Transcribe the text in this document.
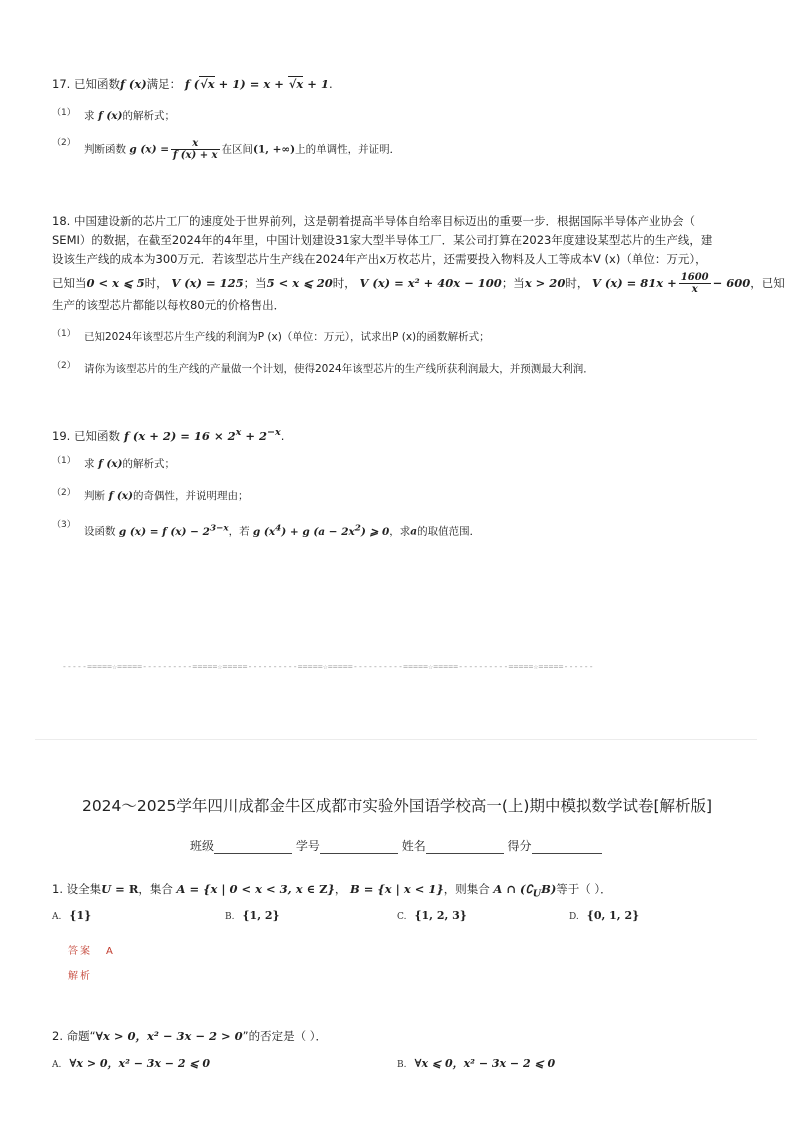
17. 已知函数f (x)满足： f (√x + 1) = x + √x + 1.
（1） 求 f (x)的解析式；
（2）判断函数 g $(x) = \frac{x}{f (x) + x}$ 在区间(1, +∞)上的单调性，并证明．
18. 中国建设新的芯片工厂的速度处于世界前列，这是朝着提高半导体自给率目标迈出的重要一步．根据国际半导体产业协会（
SEMI）的数据，在截至2024年的4年里，中国计划建设31家大型半导体工厂．某公司打算在2023年度建设某型芯片的生产线，建
设该生产线的成本为300万元．若该型芯片生产线在2024年产出x万枚芯片，还需要投入物料及人工等成本V (x)（单位：万元），
已知当0 < x ⩽ 5时， V (x) = 125；当5 < x ⩽ 20时， V (x) = x² + 40x − 100；当x > 20时， V $(x) = 81x + \frac{1600}{x} - 600$，已知
生产的该型芯片都能以每枚80元的价格售出．
（1） 已知2024年该型芯片生产线的利润为P (x)（单位：万元），试求出P (x)的函数解析式；
（2） 请你为该型芯片的生产线的产量做一个计划，使得2024年该型芯片的生产线所获利润最大，并预测最大利润．
19. 已知函数 f $(x + 2) = 16 \times 2^x + 2^{-x}$.
（1） 求 f (x)的解析式；
（2） 判断 f (x)的奇偶性，并说明理由；
（3）设函数 g (x) = f $(x) - 2^{3-x}$，若 g $(x^4) + g$ $(a - 2x^2)$ ⩾ 0，求a的取值范围．
-----=====☆=====----------=====☆=====----------=====☆=====----------=====☆=====----------=====☆=====------
2024～2025学年四川成都金牛区成都市实验外国语学校高一(上)期中模拟数学试卷[解析版]
班级	学号	姓名	得分
1. 设全集U = R，集合 A = {x | 0 < x < 3, x ∈ Z}， B = {x | x < 1}，则集合 A ∩ $(∁_UB)$等于（ ）．
A. {1}	B. {1, 2}	C. {1, 2, 3}	D. {0, 1, 2}
答案 A
解析
2. 命题“∀x > 0，x² − 3x − 2 > 0”的否定是（ ）．
A. ∀x > 0，x² − 3x − 2 ⩽ 0	B. ∀x ⩽ 0，x² − 3x − 2 ⩽ 0
